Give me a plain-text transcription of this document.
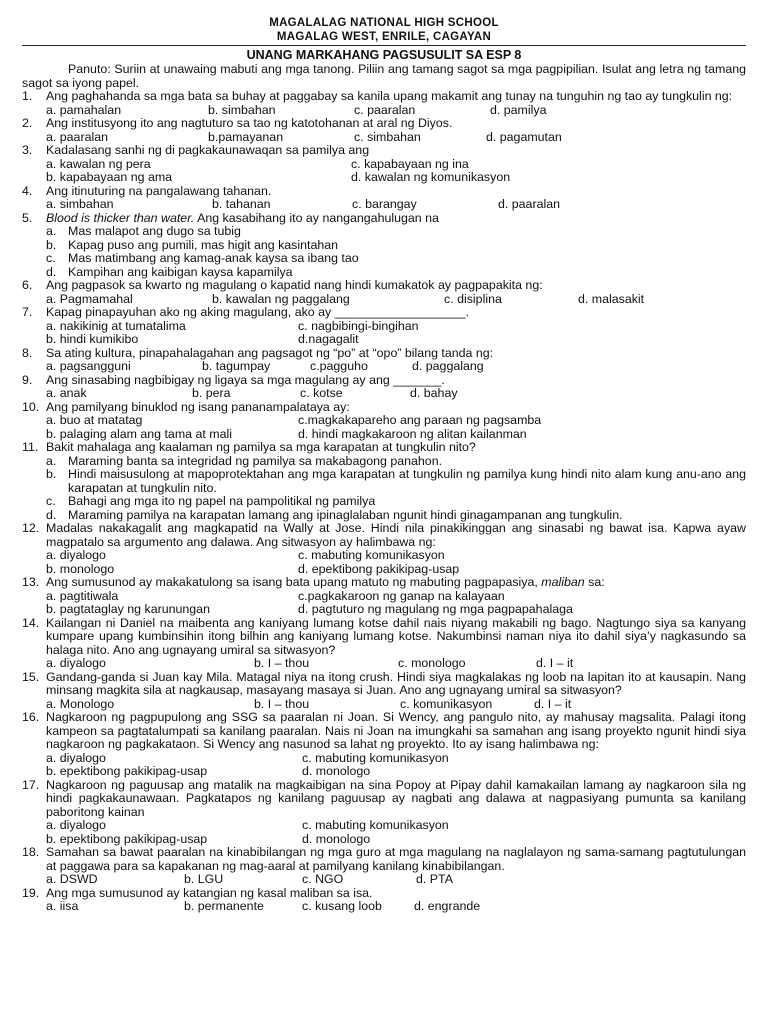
MAGALALAG NATIONAL HIGH SCHOOL
MAGALAG WEST, ENRILE, CAGAYAN
UNANG MARKAHANG PAGSUSULIT SA ESP 8

Panuto: Suriin at unawaing mabuti ang mga tanong. Piliin ang tamang sagot sa mga pagpipilian. Isulat ang letra ng tamang sagot sa iyong papel.

1.	Ang paghahanda sa mga bata sa buhay at paggabay sa kanila upang makamit ang tunay na tunguhin ng tao ay tungkulin ng:
a. pamahalan	b. simbahan	c. paaralan	d. pamilya
2.	Ang institusyong ito ang nagtuturo sa tao ng katotohanan at aral ng Diyos.
a. paaralan	b.pamayanan	c. simbahan	d. pagamutan
3.	Kadalasang sanhi ng di pagkakaunawaqan sa pamilya ang
a. kawalan ng pera	c. kapabayaan ng ina
b. kapabayaan ng ama	d. kawalan ng komunikasyon
4.	Ang itinuturing na pangalawang tahanan.
a. simbahan	b. tahanan	c. barangay	d. paaralan
5.	Blood is thicker than water. Ang kasabihang ito ay nangangahulugan na
a. Mas malapot ang dugo sa tubig
b. Kapag puso ang pumili, mas higit ang kasintahan
c. Mas matimbang ang kamag-anak kaysa sa ibang tao
d. Kampihan ang kaibigan kaysa kapamilya
6.	Ang pagpasok sa kwarto ng magulang o kapatid nang hindi kumakatok ay pagpapakita ng:
a. Pagmamahal	b. kawalan ng paggalang	c. disiplina	d. malasakit
7.	Kapag pinapayuhan ako ng aking magulang, ako ay ___________________.
a. nakikinig at tumatalima	c. nagbibingi-bingihan
b. hindi kumikibo	d.nagagalit
8.	Sa ating kultura, pinapahalagahan ang pagsagot ng “po” at “opo” bilang tanda ng:
a. pagsangguni	b. tagumpay	c.pagguho	d. paggalang
9.	Ang sinasabing nagbibigay ng ligaya sa mga magulang ay ang _______.
a. anak	b. pera	c. kotse	d. bahay
10. Ang pamilyang binuklod ng isang pananampalataya ay:
a. buo at matatag	c.magkakapareho ang paraan ng pagsamba
b. palaging alam ang tama at mali	d. hindi magkakaroon ng alitan kailanman
11. Bakit mahalaga ang kaalaman ng pamilya sa mga karapatan at tungkulin nito?
a. Maraming banta sa integridad ng pamilya sa makabagong panahon.
b. Hindi maisusulong at mapoprotektahan ang mga karapatan at tungkulin ng pamilya kung hindi nito alam kung anu-ano ang karapatan at tungkulin nito.
c. Bahagi ang mga ito ng papel na pampolitikal ng pamilya
d. Maraming pamilya na karapatan lamang ang ipinaglalaban ngunit hindi ginagampanan ang tungkulin.
12. Madalas nakakagalit ang magkapatid na Wally at Jose. Hindi nila pinakikinggan ang sinasabi ng bawat isa. Kapwa ayaw magpatalo sa argumento ang dalawa. Ang sitwasyon ay halimbawa ng:
a. diyalogo	c. mabuting komunikasyon
b. monologo	d. epektibong pakikipag-usap
13. Ang sumusunod ay makakatulong sa isang bata upang matuto ng mabuting pagpapasiya, maliban sa:
a. pagtitiwala	c.pagkakaroon ng ganap na kalayaan
b. pagtataglay ng karunungan	d. pagtuturo ng magulang ng mga pagpapahalaga
14. Kailangan ni Daniel na maibenta ang kaniyang lumang kotse dahil nais niyang makabili ng bago. Nagtungo siya sa kanyang kumpare upang kumbinsihin itong bilhin ang kaniyang lumang kotse. Nakumbinsi naman niya ito dahil siya’y nagkasundo sa halaga nito. Ano ang ugnayang umiral sa sitwasyon?
a. diyalogo	b. I – thou	c. monologo	d. I – it
15. Gandang-ganda si Juan kay Mila. Matagal niya na itong crush. Hindi siya magkalakas ng loob na lapitan ito at kausapin. Nang minsang magkita sila at nagkausap, masayang masaya si Juan. Ano ang ugnayang umiral sa sitwasyon?
a. Monologo	b. I – thou	c. komunikasyon	d. I – it
16. Nagkaroon ng pagpupulong ang SSG sa paaralan ni Joan. Si Wency, ang pangulo nito, ay mahusay magsalita. Palagi itong kampeon sa pagtatalumpati sa kanilang paaralan. Nais ni Joan na imungkahi sa samahan ang isang proyekto ngunit hindi siya nagkaroon ng pagkakataon. Si Wency ang nasunod sa lahat ng proyekto. Ito ay isang halimbawa ng:
a. diyalogo	c. mabuting komunikasyon
b. epektibong pakikipag-usap	d. monologo
17. Nagkaroon ng paguusap ang matalik na magkaibigan na sina Popoy at Pipay dahil kamakailan lamang ay nagkaroon sila ng hindi pagkakaunawaan. Pagkatapos ng kanilang paguusap ay nagbati ang dalawa at nagpasiyang pumunta sa kanilang paboritong kainan
a. diyalogo	c. mabuting komunikasyon
b. epektibong pakikipag-usap	d. monologo
18. Samahan sa bawat paaralan na kinabibilangan ng mga guro at mga magulang na naglalayon ng sama-samang pagtutulungan at paggawa para sa kapakanan ng mag-aaral at pamilyang kanilang kinabibilangan.
a. DSWD	b. LGU	c. NGO	d. PTA
19. Ang mga sumusunod ay katangian ng kasal maliban sa isa.
a. iisa	b. permanente	c. kusang loob	d. engrande
